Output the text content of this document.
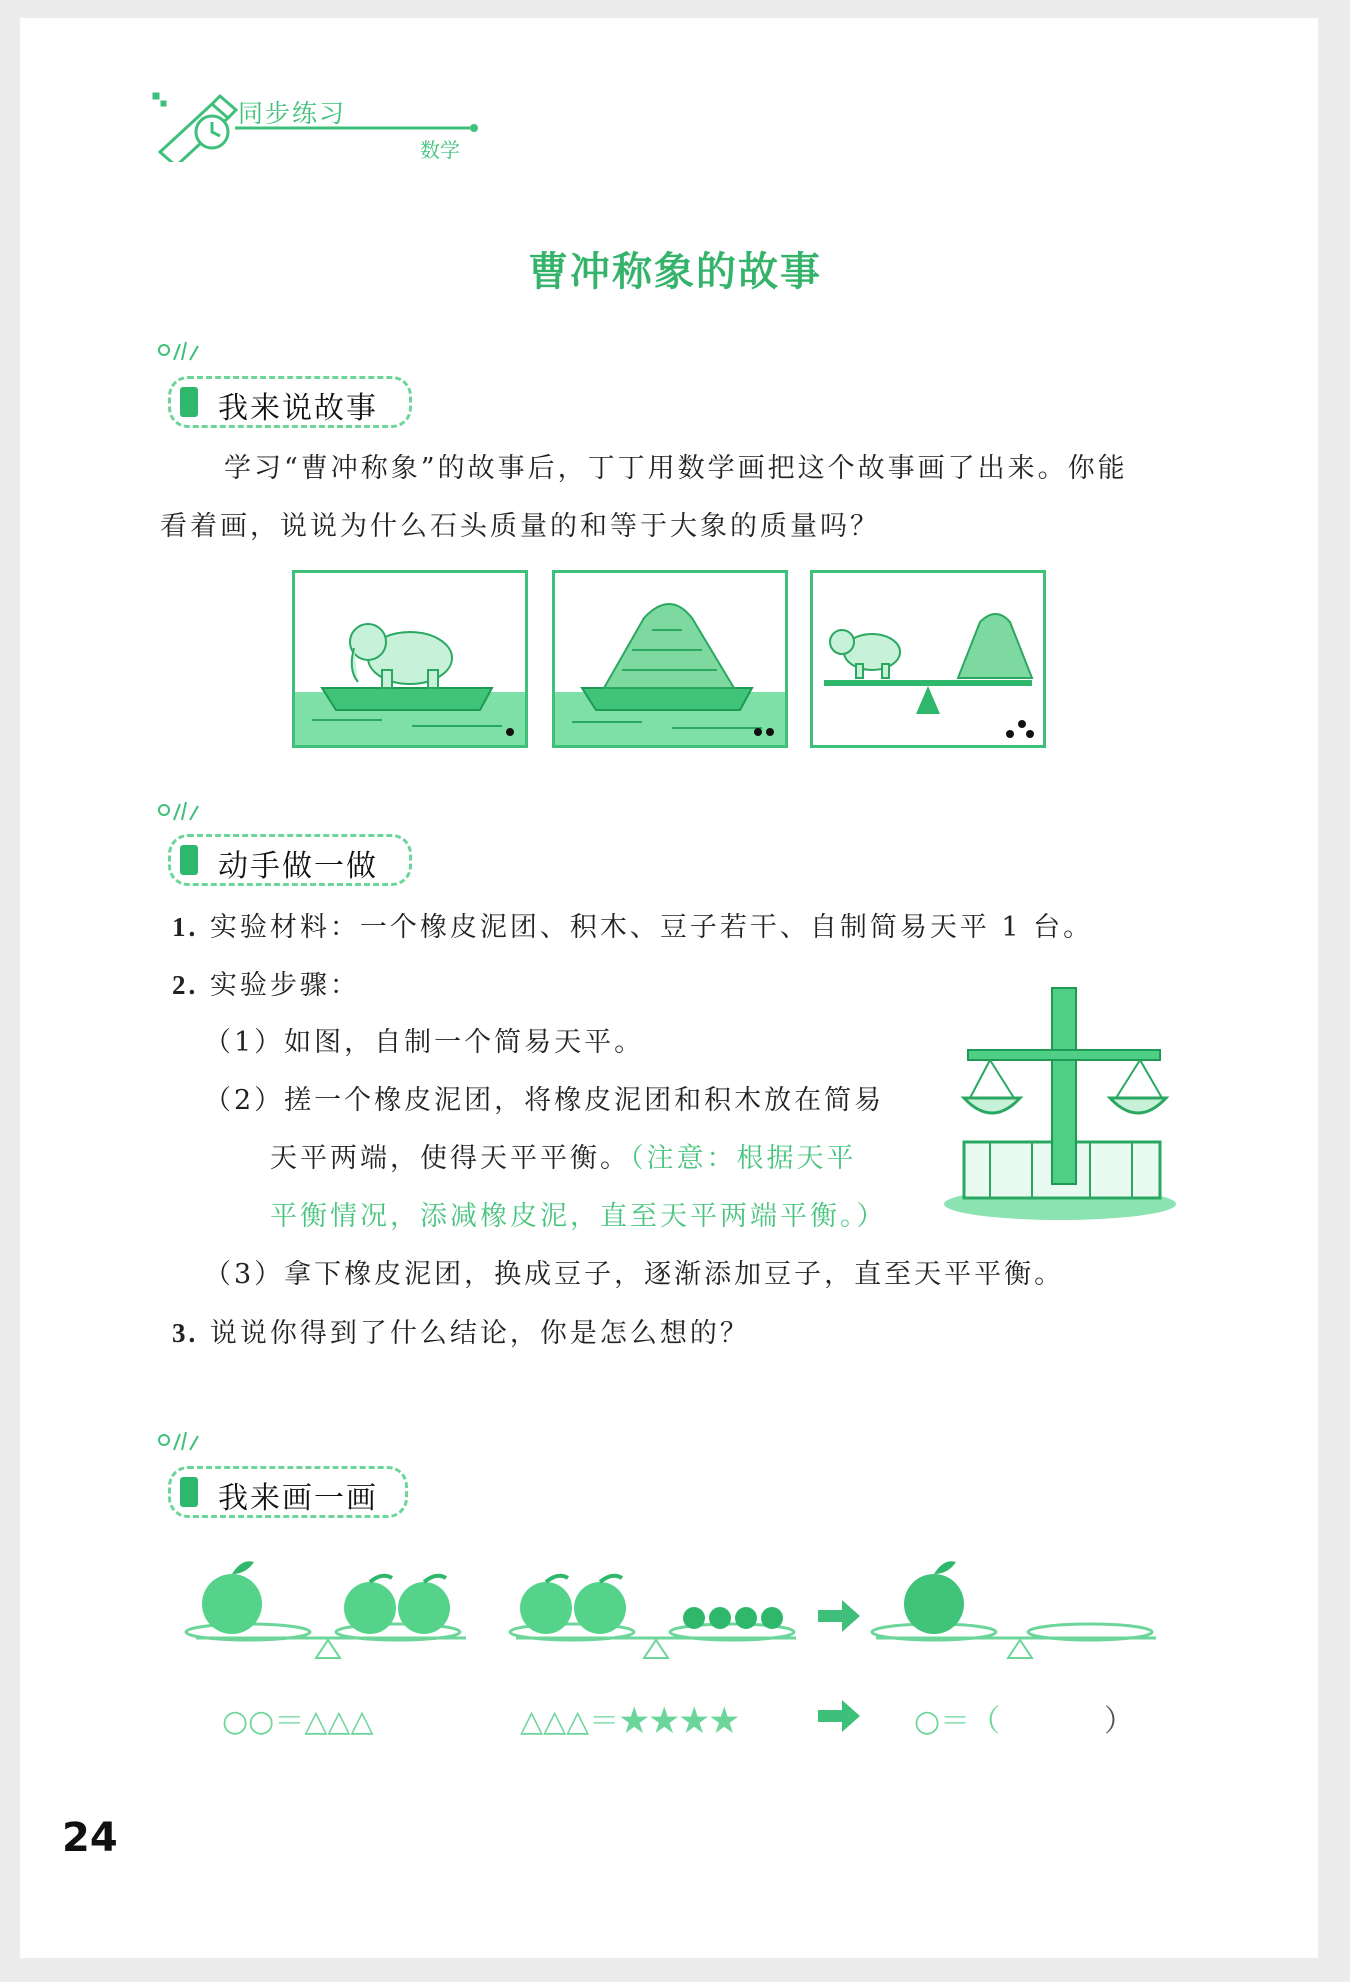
同步练习
数学
曹冲称象的故事
我来说故事
学习“曹冲称象”的故事后，丁丁用数学画把这个故事画了出来。你能
看着画，说说为什么石头质量的和等于大象的质量吗？
动手做一做
1. 实验材料：一个橡皮泥团、积木、豆子若干、自制简易天平 1 台。
2. 实验步骤：
（1）如图，自制一个简易天平。
（2）搓一个橡皮泥团，将橡皮泥团和积木放在简易
天平两端，使得天平平衡。（注意：根据天平
平衡情况，添减橡皮泥，直至天平两端平衡。）
（3）拿下橡皮泥团，换成豆子，逐渐添加豆子，直至天平平衡。
3. 说说你得到了什么结论，你是怎么想的？
我来画一画
○○＝△△△	△△△＝★★★★	○＝（	）
24
